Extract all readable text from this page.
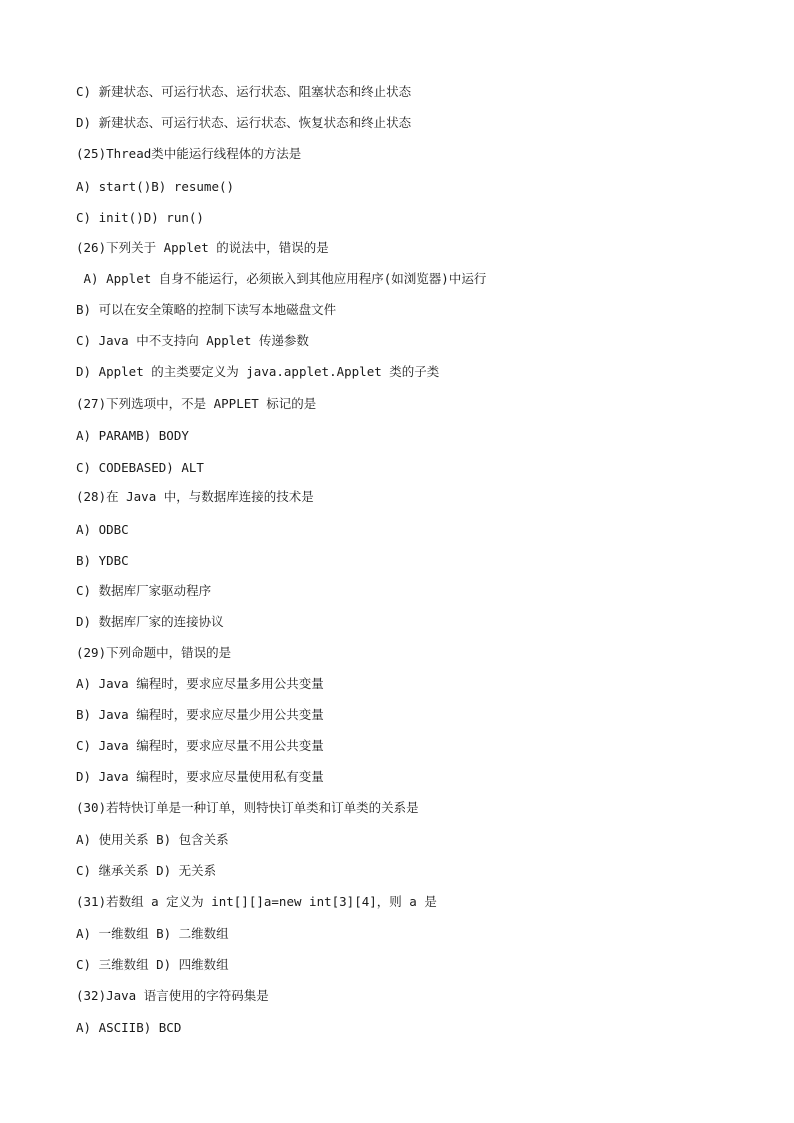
C) 新建状态、可运行状态、运行状态、阻塞状态和终止状态
D) 新建状态、可运行状态、运行状态、恢复状态和终止状态
(25)Thread类中能运行线程体的方法是
A) start()B) resume()
C) init()D) run()
(26)下列关于 Applet 的说法中，错误的是
A) Applet 自身不能运行，必须嵌入到其他应用程序(如浏览器)中运行
B) 可以在安全策略的控制下读写本地磁盘文件
C) Java 中不支持向 Applet 传递参数
D) Applet 的主类要定义为 java.applet.Applet 类的子类
(27)下列选项中，不是 APPLET 标记的是
A) PARAMB) BODY
C) CODEBASED) ALT
(28)在 Java 中，与数据库连接的技术是
A) ODBC
B) YDBC
C) 数据库厂家驱动程序
D) 数据库厂家的连接协议
(29)下列命题中，错误的是
A) Java 编程时，要求应尽量多用公共变量
B) Java 编程时，要求应尽量少用公共变量
C) Java 编程时，要求应尽量不用公共变量
D) Java 编程时，要求应尽量使用私有变量
(30)若特快订单是一种订单，则特快订单类和订单类的关系是
A) 使用关系 B) 包含关系
C) 继承关系 D) 无关系
(31)若数组 a 定义为 int[][]a=new int[3][4]，则 a 是
A) 一维数组 B) 二维数组
C) 三维数组 D) 四维数组
(32)Java 语言使用的字符码集是
A) ASCIIB) BCD
